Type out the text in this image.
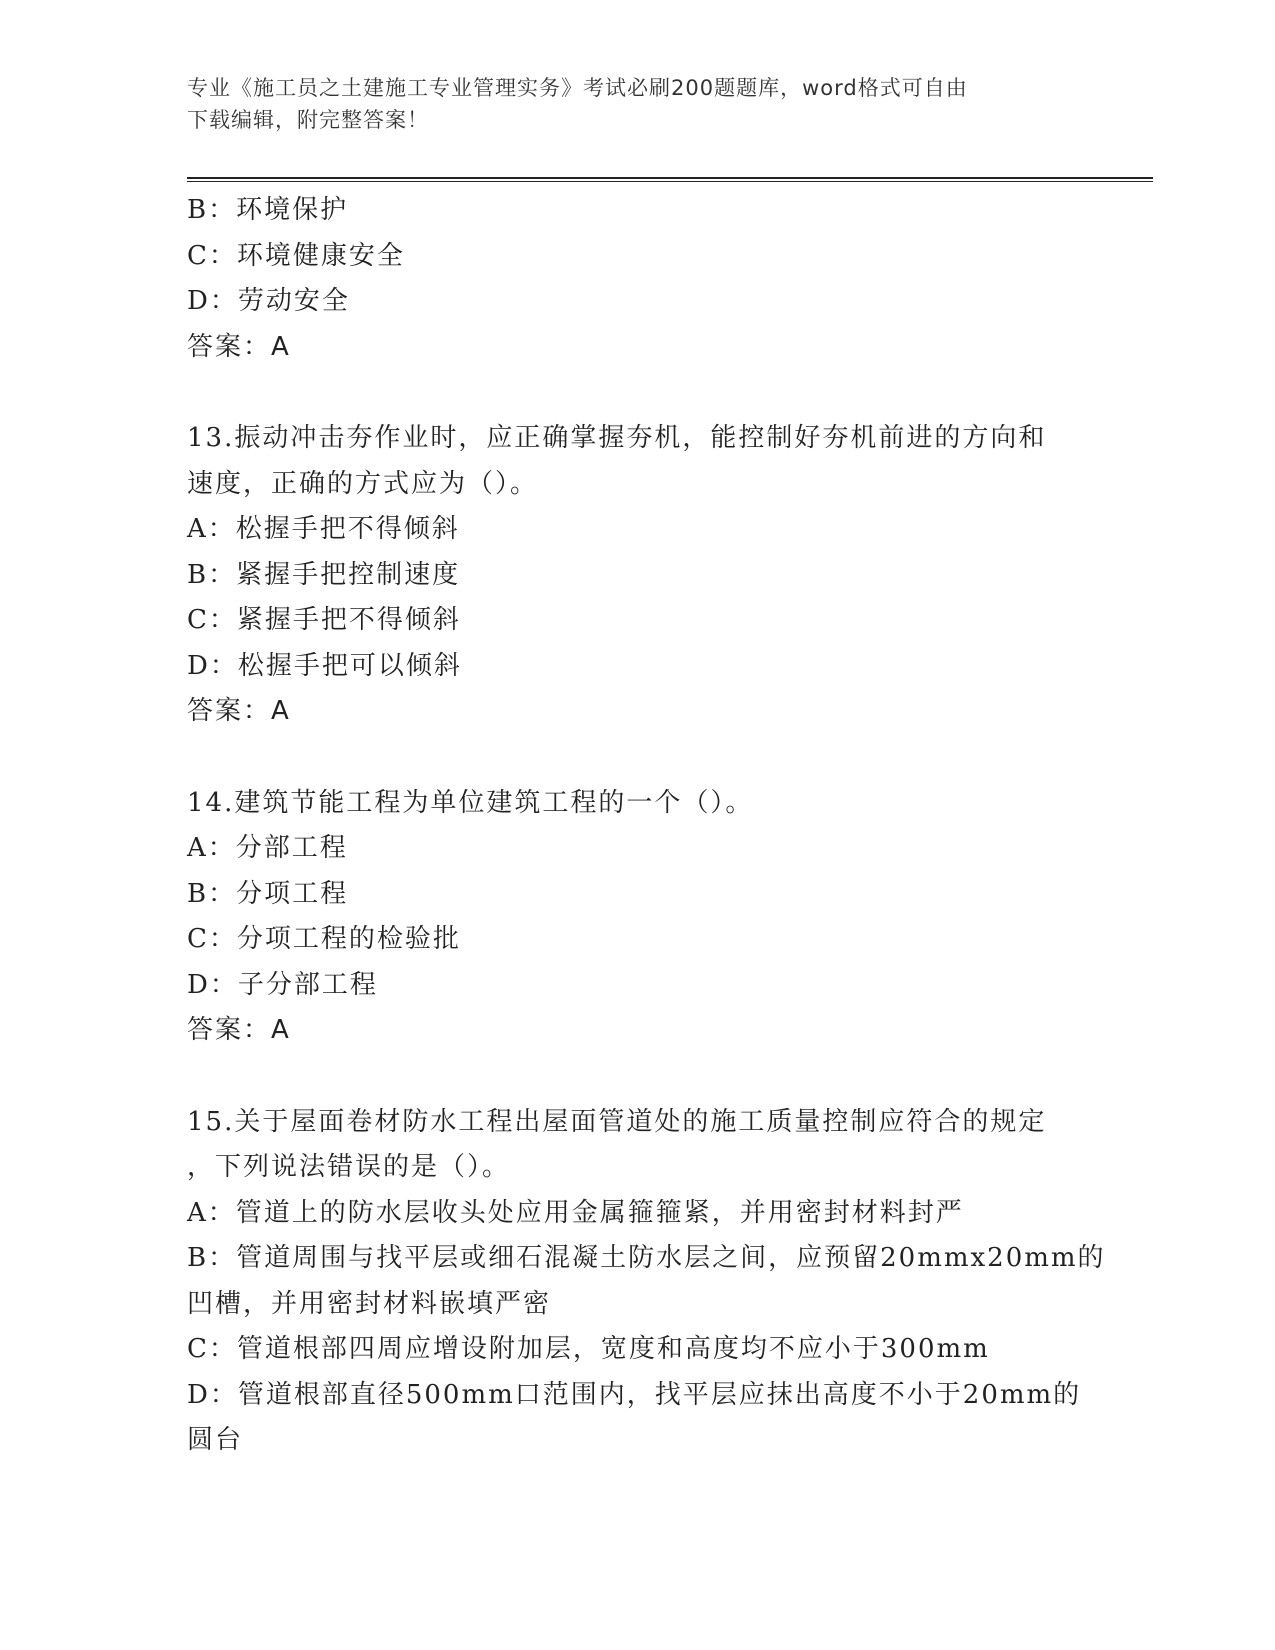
专业《施工员之土建施工专业管理实务》考试必刷200题题库，word格式可自由
下载编辑，附完整答案！
B：环境保护
C：环境健康安全
D：劳动安全
答案：A
13.振动冲击夯作业时，应正确掌握夯机，能控制好夯机前进的方向和
速度，正确的方式应为（）。
A：松握手把不得倾斜
B：紧握手把控制速度
C：紧握手把不得倾斜
D：松握手把可以倾斜
答案：A
14.建筑节能工程为单位建筑工程的一个（）。
A：分部工程
B：分项工程
C：分项工程的检验批
D：子分部工程
答案：A
15.关于屋面卷材防水工程出屋面管道处的施工质量控制应符合的规定
，下列说法错误的是（）。
A：管道上的防水层收头处应用金属箍箍紧，并用密封材料封严
B：管道周围与找平层或细石混凝土防水层之间，应预留20mmx20mm的
凹槽，并用密封材料嵌填严密
C：管道根部四周应增设附加层，宽度和高度均不应小于300mm
D：管道根部直径500mm口范围内，找平层应抹出高度不小于20mm的
圆台
